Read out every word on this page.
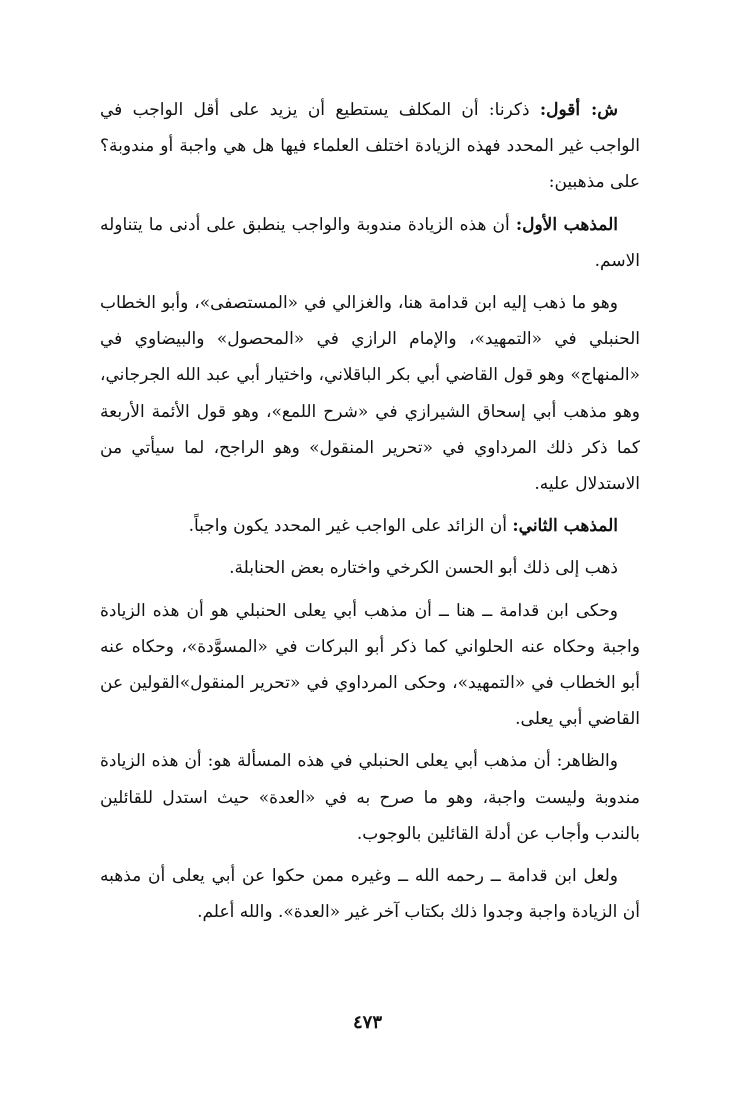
ش: أقول: ذكرنا: أن المكلف يستطيع أن يزيد على أقل الواجب في الواجب غير المحدد فهذه الزيادة اختلف العلماء فيها هل هي واجبة أو مندوبة؟ على مذهبين:

المذهب الأول: أن هذه الزيادة مندوبة والواجب ينطبق على أدنى ما يتناوله الاسم.

وهو ما ذهب إليه ابن قدامة هنا، والغزالي في «المستصفى»، وأبو الخطاب الحنبلي في «التمهيد»، والإمام الرازي في «المحصول» والبيضاوي في «المنهاج» وهو قول القاضي أبي بكر الباقلاني، واختيار أبي عبد الله الجرجاني، وهو مذهب أبي إسحاق الشيرازي في «شرح اللمع»، وهو قول الأئمة الأربعة كما ذكر ذلك المرداوي في «تحرير المنقول» وهو الراجح، لما سيأتي من الاستدلال عليه.

المذهب الثاني: أن الزائد على الواجب غير المحدد يكون واجباً.

ذهب إلى ذلك أبو الحسن الكرخي واختاره بعض الحنابلة.

وحكى ابن قدامة ــ هنا ــ أن مذهب أبي يعلى الحنبلي هو أن هذه الزيادة واجبة وحكاه عنه الحلواني كما ذكر أبو البركات في «المسوَّدة»، وحكاه عنه أبو الخطاب في «التمهيد»، وحكى المرداوي في «تحرير المنقول»القولين عن القاضي أبي يعلى.

والظاهر: أن مذهب أبي يعلى الحنبلي في هذه المسألة هو: أن هذه الزيادة مندوبة وليست واجبة، وهو ما صرح به في «العدة» حيث استدل للقائلين بالندب وأجاب عن أدلة القائلين بالوجوب.

ولعل ابن قدامة ــ رحمه الله ــ وغيره ممن حكوا عن أبي يعلى أن مذهبه أن الزيادة واجبة وجدوا ذلك بكتاب آخر غير «العدة». والله أعلم.

٤٧٣
